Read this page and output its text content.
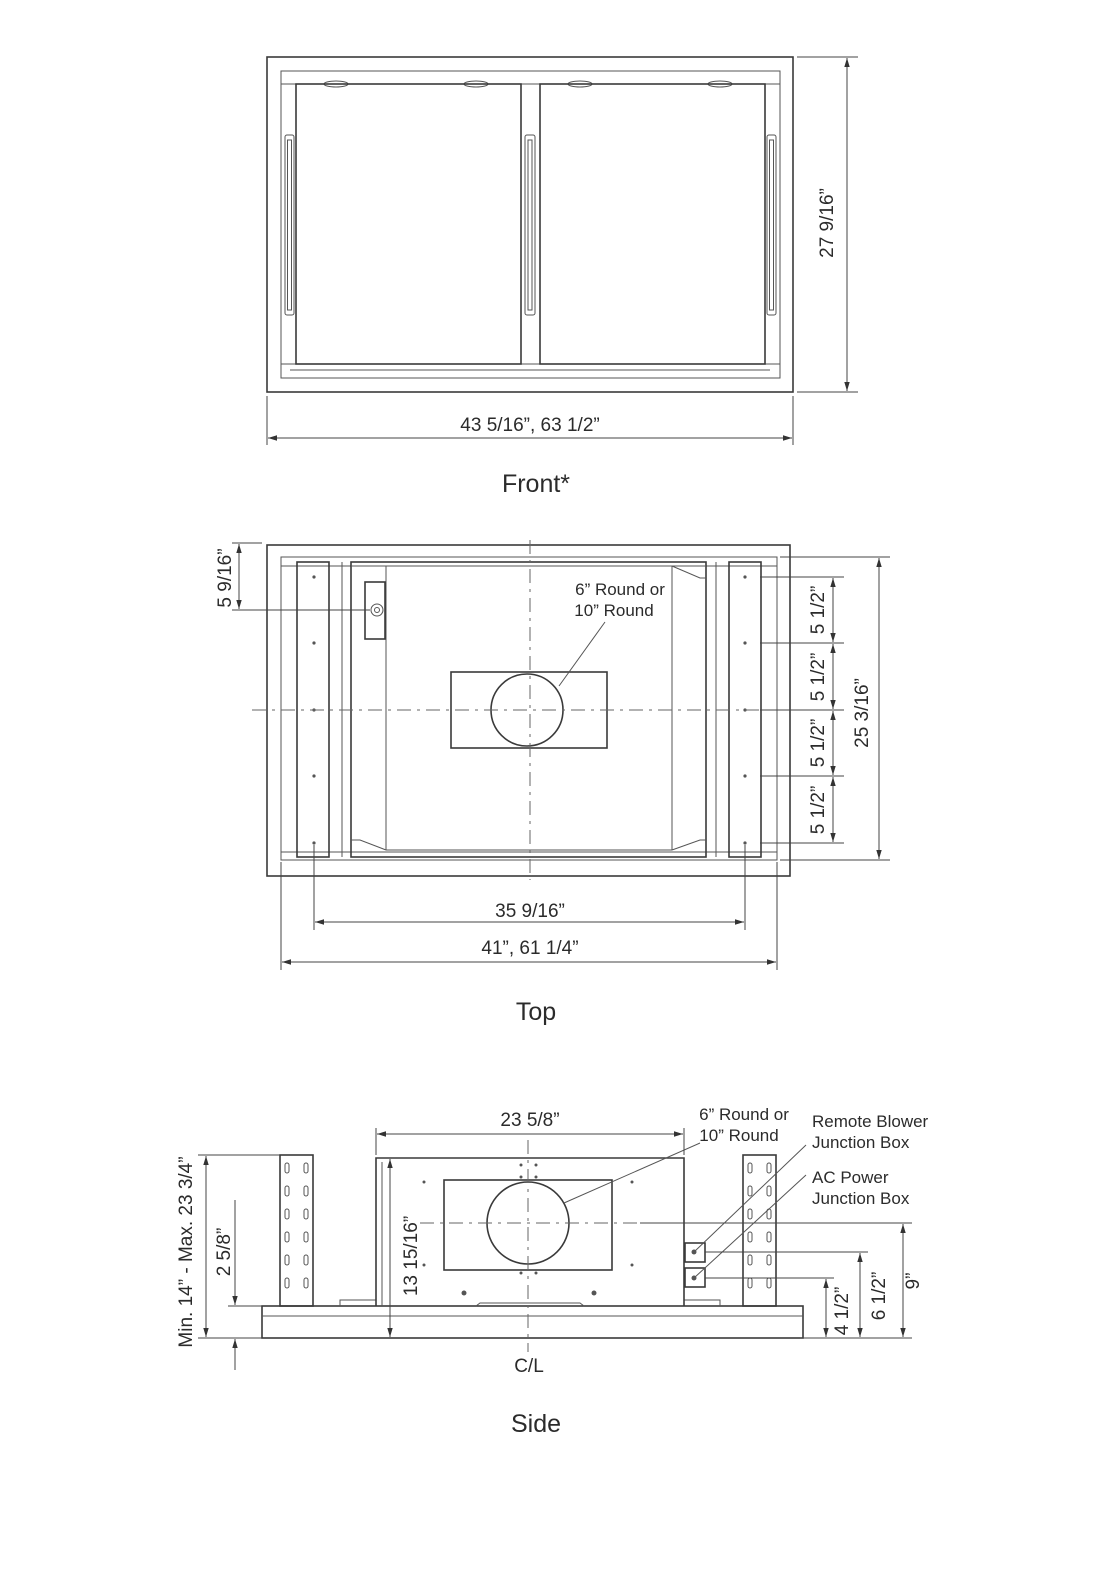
43 5/16”, 63 1/2”
27 9/16”
Front*
6” Round or
10” Round
5 9/16”
5 1/2”
5 1/2”
5 1/2”
5 1/2”
25 3/16”
35 9/16”
41”, 61 1/4”
Top
6” Round or
10” Round
Remote Blower
Junction Box
AC Power
Junction Box
23 5/8”
13 15/16”
Min. 14” - Max. 23 3/4” 2 5/8”
4 1/2” 6 1/2” 9”
C/L
Side
